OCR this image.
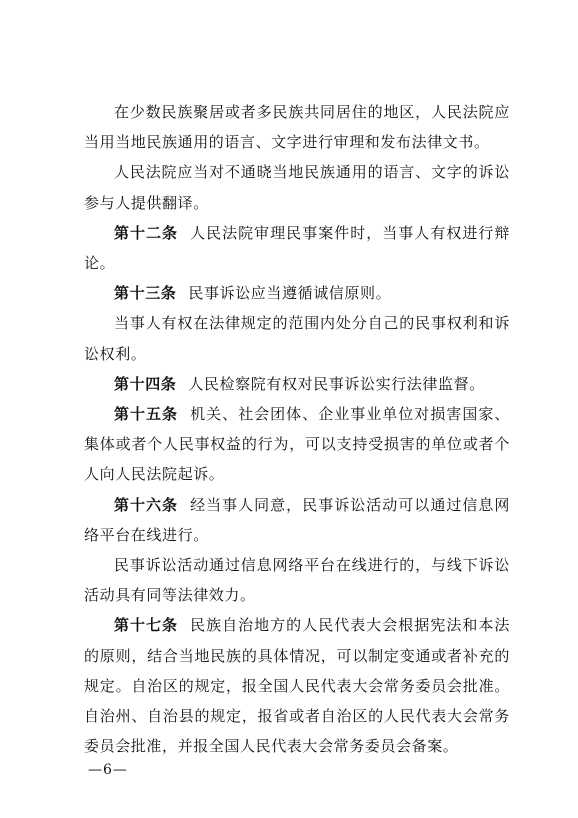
在少数民族聚居或者多民族共同居住的地区，人民法院应当用当地民族通用的语言、文字进行审理和发布法律文书。

人民法院应当对不通晓当地民族通用的语言、文字的诉讼参与人提供翻译。

第十二条 人民法院审理民事案件时，当事人有权进行辩论。

第十三条 民事诉讼应当遵循诚信原则。

当事人有权在法律规定的范围内处分自己的民事权利和诉讼权利。

第十四条 人民检察院有权对民事诉讼实行法律监督。

第十五条 机关、社会团体、企业事业单位对损害国家、集体或者个人民事权益的行为，可以支持受损害的单位或者个人向人民法院起诉。

第十六条 经当事人同意，民事诉讼活动可以通过信息网络平台在线进行。

民事诉讼活动通过信息网络平台在线进行的，与线下诉讼活动具有同等法律效力。

第十七条 民族自治地方的人民代表大会根据宪法和本法的原则，结合当地民族的具体情况，可以制定变通或者补充的规定。自治区的规定，报全国人民代表大会常务委员会批准。自治州、自治县的规定，报省或者自治区的人民代表大会常务委员会批准，并报全国人民代表大会常务委员会备案。

—6—
